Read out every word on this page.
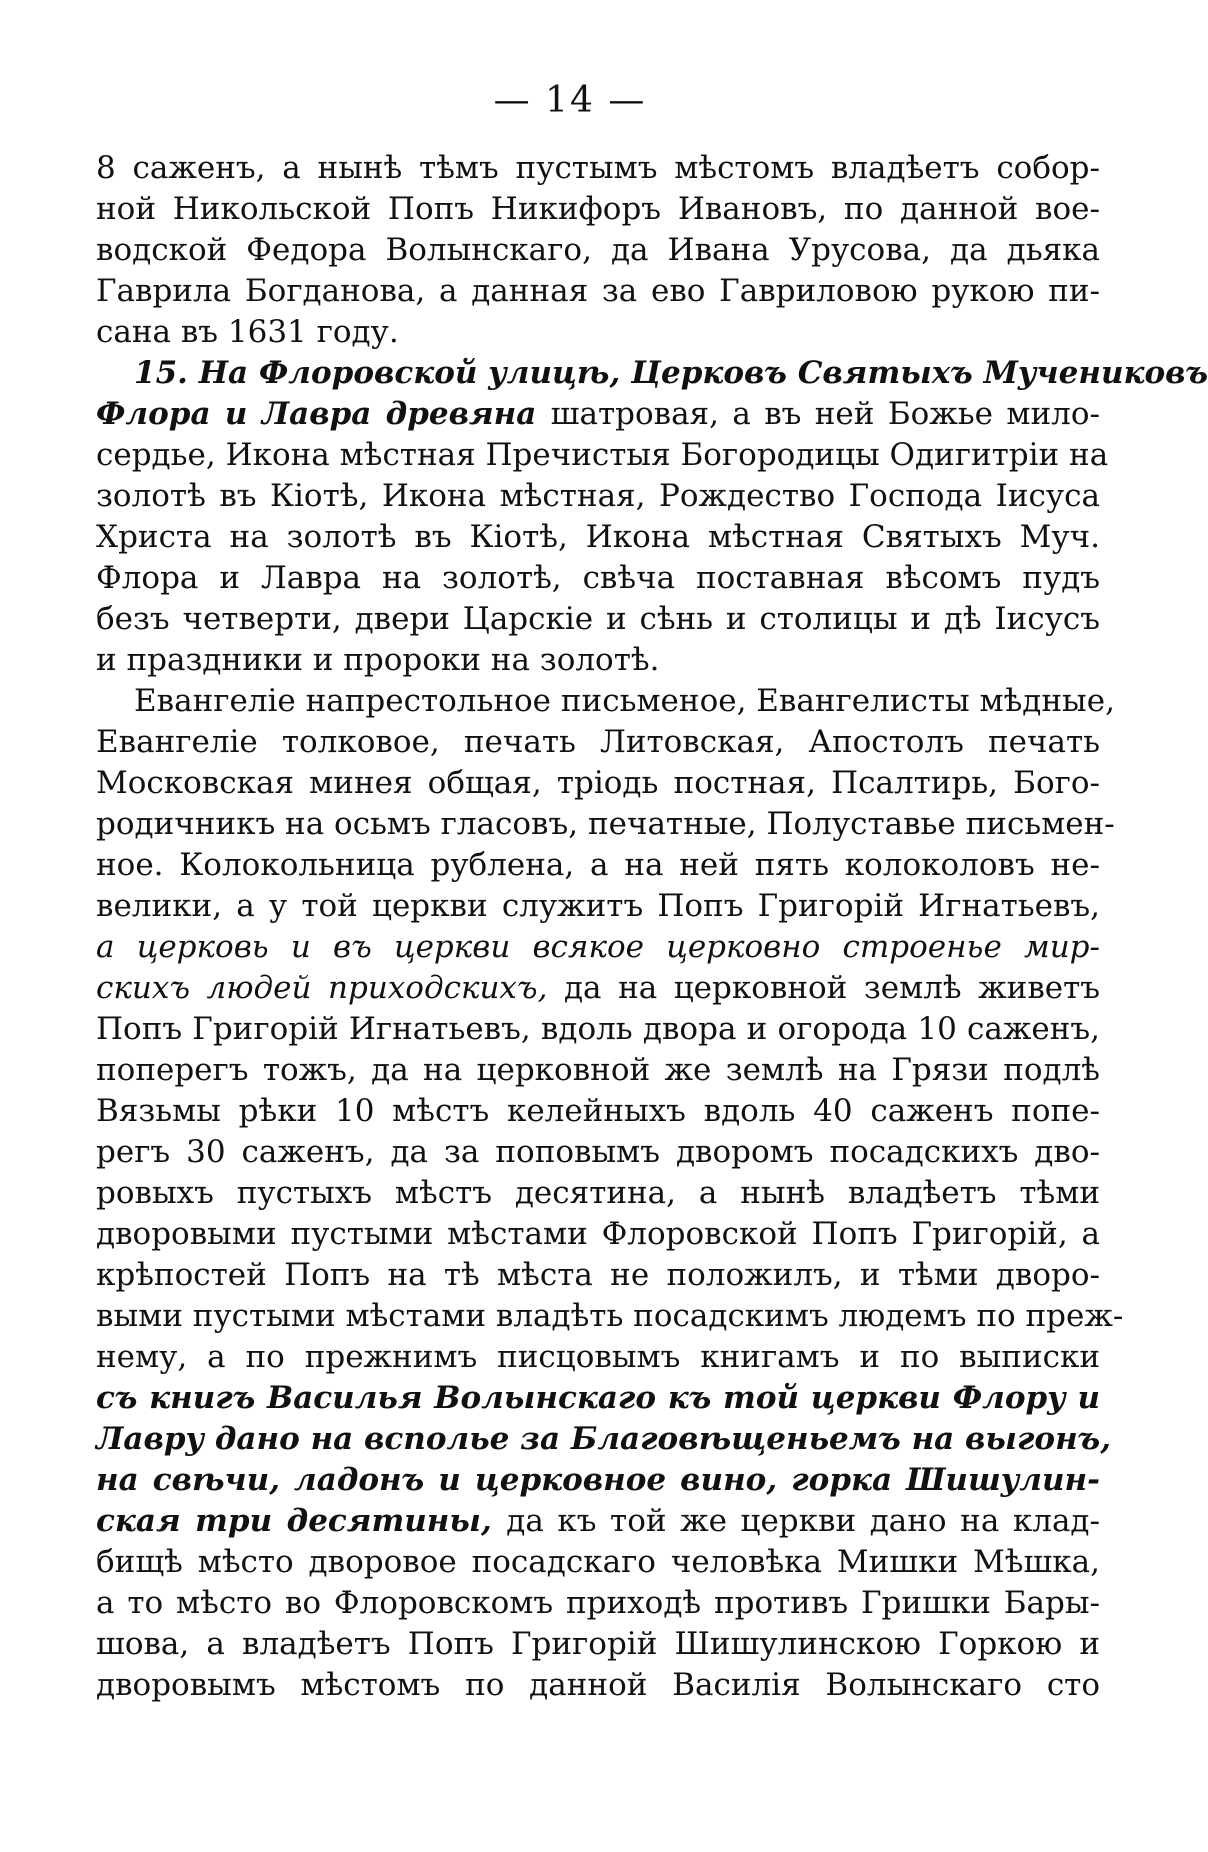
— 14 —
8 саженъ, а нынѣ тѣмъ пустымъ мѣстомъ владѣетъ собор-
ной Никольской Попъ Никифоръ Ивановъ, по данной вое-
водской Федора Волынскаго, да Ивана Урусова, да дьяка
Гаврила Богданова, а данная за ево Гавриловою рукою пи-
сана въ 1631 году.
15. На Флоровской улицѣ, Церковъ Святыхъ Мучениковъ
Флора и Лавра древяна шатровая, а въ ней Божье мило-
сердье, Икона мѣстная Пречистыя Богородицы Одигитріи на
золотѣ въ Кіотѣ, Икона мѣстная, Рождество Господа Іисуса
Христа на золотѣ въ Кіотѣ, Икона мѣстная Святыхъ Муч.
Флора и Лавра на золотѣ, свѣча поставная вѣсомъ пудъ
безъ четверти, двери Царскіе и сѣнь и столицы и дѣ Іисусъ
и праздники и пророки на золотѣ.
Евангеліе напрестольное письменое, Евангелисты мѣдные,
Евангеліе толковое, печать Литовская, Апостолъ печать
Московская минея общая, тріодь постная, Псалтирь, Бого-
родичникъ на осьмъ гласовъ, печатные, Полуставье письмен-
ное. Колокольница рублена, а на ней пять колоколовъ не-
велики, а у той церкви служитъ Попъ Григорій Игнатьевъ,
а церковь и въ церкви всякое церковно строенье мир-
скихъ людей приходскихъ, да на церковной землѣ живетъ
Попъ Григорій Игнатьевъ, вдоль двора и огорода 10 саженъ,
поперегъ тожъ, да на церковной же землѣ на Грязи подлѣ
Вязьмы рѣки 10 мѣстъ келейныхъ вдоль 40 саженъ попе-
регъ 30 саженъ, да за поповымъ дворомъ посадскихъ дво-
ровыхъ пустыхъ мѣстъ десятина, а нынѣ владѣетъ тѣми
дворовыми пустыми мѣстами Флоровской Попъ Григорій, а
крѣпостей Попъ на тѣ мѣста не положилъ, и тѣми дворо-
выми пустыми мѣстами владѣть посадскимъ людемъ по преж-
нему, а по прежнимъ писцовымъ книгамъ и по выписки
съ книгъ Василья Волынскаго къ той церкви Флору и
Лавру дано на всполье за Благовѣщеньемъ на выгонъ,
на свѣчи, ладонъ и церковное вино, горка Шишулин-
ская три десятины, да къ той же церкви дано на клад-
бищѣ мѣсто дворовое посадскаго человѣка Мишки Мѣшка,
а то мѣсто во Флоровскомъ приходѣ противъ Гришки Бары-
шова, а владѣетъ Попъ Григорій Шишулинскою Горкою и
дворовымъ мѣстомъ по данной Василія Волынскаго сто
